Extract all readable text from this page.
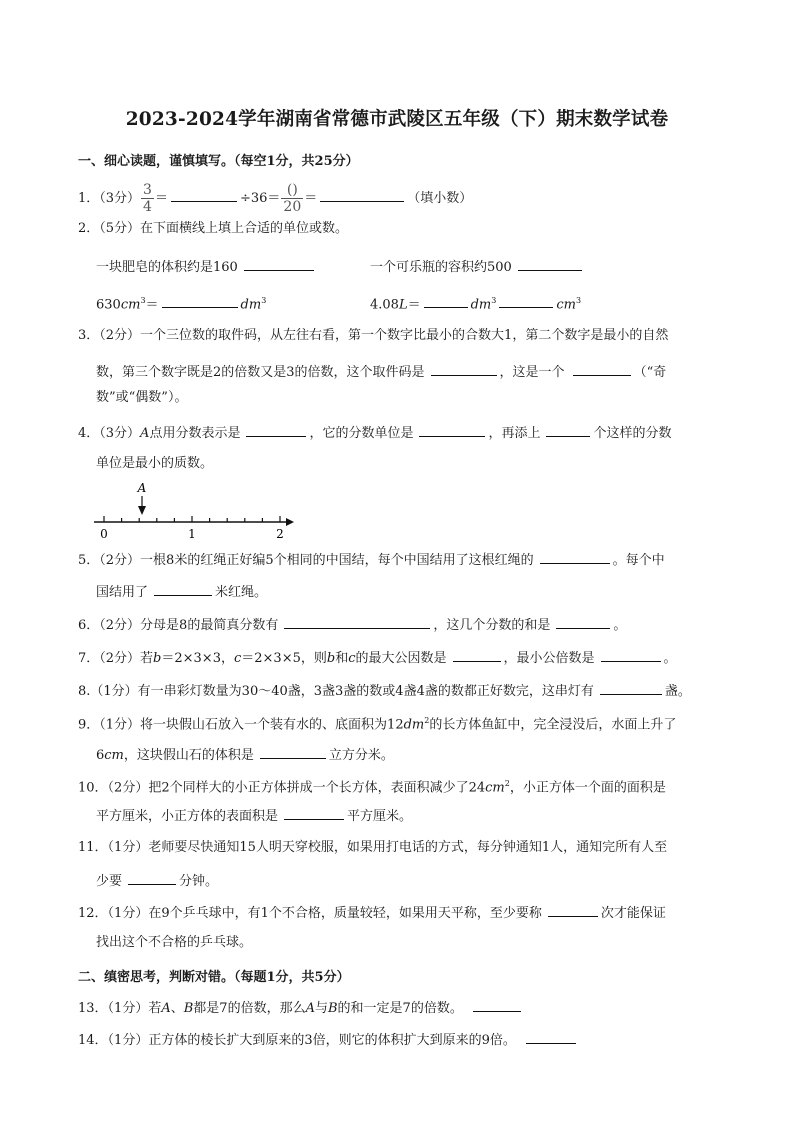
2023-2024学年湖南省常德市武陵区五年级（下）期末数学试卷
一、细心读题，谨慎填写。（每空1分，共25分）
1．（3分） $\frac{3}{4}$ ＝	$\div 36= \frac{()}{20}$ ＝	（填小数）
2．（5分）在下面横线上填上合适的单位或数。
一块肥皂的体积约是160	一个可乐瓶的容积约500
$630cm^3=$	$dm^3$	4.08L＝	$dm^3$	$cm^3$
3．（2分）一个三位数的取件码，从左往右看，第一个数字比最小的合数大1，第二个数字是最小的自然
数，第三个数字既是2的倍数又是3的倍数，这个取件码是	，这是一个	（“奇
数”或“偶数”）。
4．（3分）A点用分数表示是	，它的分数单位是	，再添上	个这样的分数
单位是最小的质数。
A
0	1	2
5．（2分）一根8米的红绳正好编5个相同的中国结，每个中国结用了这根红绳的	。每个中
国结用了	米红绳。
6．（2分）分母是8的最简真分数有	，这几个分数的和是	。
7．（2分）若b＝2×3×3，c＝2×3×5，则b和c的最大公因数是	，最小公倍数是	。
8.（1分）有一串彩灯数量为30～40盏，3盏3盏的数或4盏4盏的数都正好数完，这串灯有	盏。
9．（1分）将一块假山石放入一个装有水的、底面积为$12dm^2$的长方体鱼缸中，完全浸没后，水面上升了
6cm，这块假山石的体积是	立方分米。
10．（2分）把2个同样大的小正方体拼成一个长方体，表面积减少了$24cm^2$，小正方体一个面的面积是
平方厘米，小正方体的表面积是	平方厘米。
11．（1分）老师要尽快通知15人明天穿校服，如果用打电话的方式，每分钟通知1人，通知完所有人至
少要	分钟。
12．（1分）在9个乒乓球中，有1个不合格，质量较轻，如果用天平称，至少要称	次才能保证
找出这个不合格的乒乓球。
二、缜密思考，判断对错。（每题1分，共5分）
13．（1分）若A、B都是7的倍数，那么A与B的和一定是7的倍数。
14．（1分）正方体的棱长扩大到原来的3倍，则它的体积扩大到原来的9倍。
